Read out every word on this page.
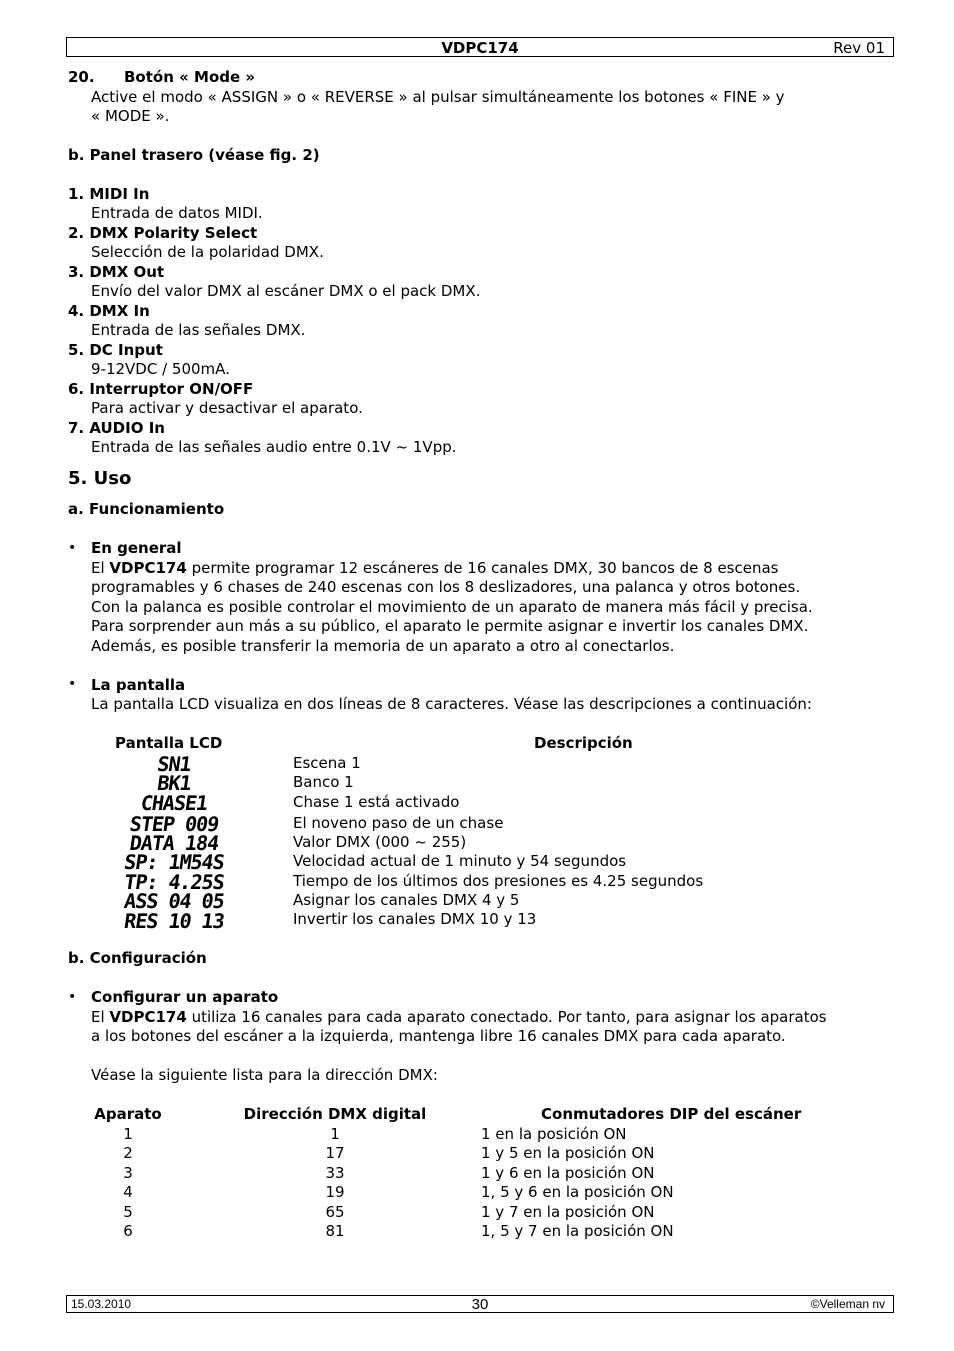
VDPC174	Rev 01
20. Botón « Mode »
Active el modo « ASSIGN » o « REVERSE » al pulsar simultáneamente los botones « FINE » y
« MODE ».
b. Panel trasero (véase fig. 2)
1. MIDI In
Entrada de datos MIDI.
2. DMX Polarity Select
Selección de la polaridad DMX.
3. DMX Out
Envío del valor DMX al escáner DMX o el pack DMX.
4. DMX In
Entrada de las señales DMX.
5. DC Input
9-12VDC / 500mA.
6. Interruptor ON/OFF
Para activar y desactivar el aparato.
7. AUDIO In
Entrada de las señales audio entre 0.1V ~ 1Vpp.
5. Uso
a. Funcionamiento
• En general
El VDPC174 permite programar 12 escáneres de 16 canales DMX, 30 bancos de 8 escenas
programables y 6 chases de 240 escenas con los 8 deslizadores, una palanca y otros botones.
Con la palanca es posible controlar el movimiento de un aparato de manera más fácil y precisa.
Para sorprender aun más a su público, el aparato le permite asignar e invertir los canales DMX.
Además, es posible transferir la memoria de un aparato a otro al conectarlos.
• La pantalla
La pantalla LCD visualiza en dos líneas de 8 caracteres. Véase las descripciones a continuación:
Pantalla LCD	Descripción
SN1	Escena 1
BK1	Banco 1
CHASE1	Chase 1 está activado
STEP 009	El noveno paso de un chase
DATA 184	Valor DMX (000 ~ 255)
SP: 1M54S	Velocidad actual de 1 minuto y 54 segundos
TP: 4.25S	Tiempo de los últimos dos presiones es 4.25 segundos
ASS 04 05	Asignar los canales DMX 4 y 5
RES 10 13	Invertir los canales DMX 10 y 13
b. Configuración
• Configurar un aparato
El VDPC174 utiliza 16 canales para cada aparato conectado. Por tanto, para asignar los aparatos
a los botones del escáner a la izquierda, mantenga libre 16 canales DMX para cada aparato.
Véase la siguiente lista para la dirección DMX:
Aparato	Dirección DMX digital	Conmutadores DIP del escáner
1	1	1 en la posición ON
2	17	1 y 5 en la posición ON
3	33	1 y 6 en la posición ON
4	19	1, 5 y 6 en la posición ON
5	65	1 y 7 en la posición ON
6	81	1, 5 y 7 en la posición ON
15.03.2010	30	©Velleman nv
